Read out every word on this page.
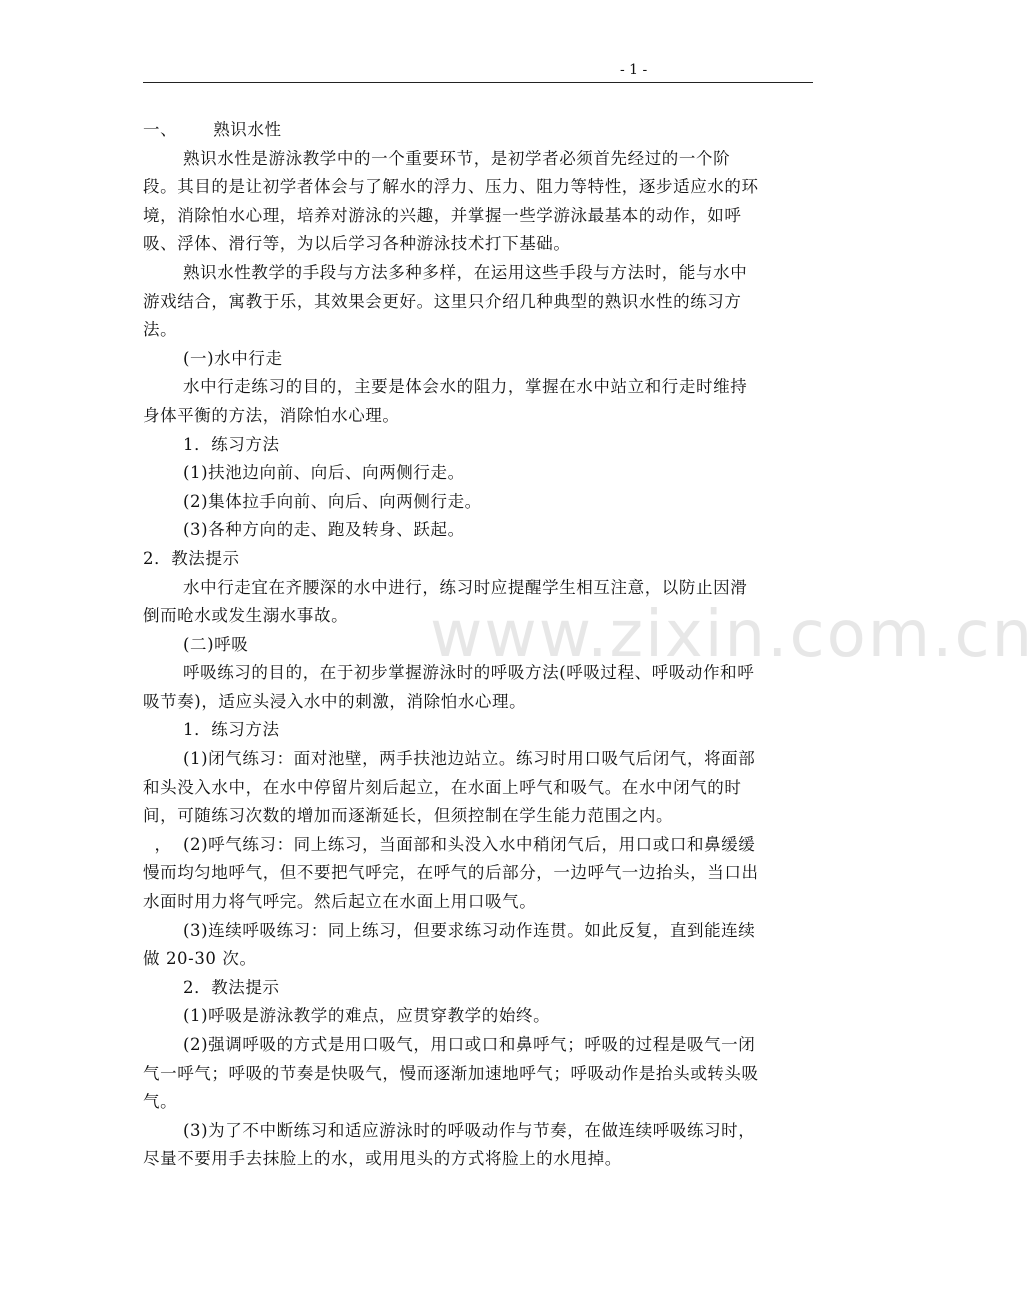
- 1 -
www.zixin.com.cn

一、 熟识水性

熟识水性是游泳教学中的一个重要环节，是初学者必须首先经过的一个阶段。其目的是让初学者体会与了解水的浮力、压力、阻力等特性，逐步适应水的环境，消除怕水心理，培养对游泳的兴趣，并掌握一些学游泳最基本的动作，如呼吸、浮体、滑行等，为以后学习各种游泳技术打下基础。

熟识水性教学的手段与方法多种多样，在运用这些手段与方法时，能与水中游戏结合，寓教于乐，其效果会更好。这里只介绍几种典型的熟识水性的练习方法。

(一)水中行走

水中行走练习的目的，主要是体会水的阻力，掌握在水中站立和行走时维持身体平衡的方法，消除怕水心理。

1．练习方法

(1)扶池边向前、向后、向两侧行走。

(2)集体拉手向前、向后、向两侧行走。

(3)各种方向的走、跑及转身、跃起。

2．教法提示

水中行走宜在齐腰深的水中进行，练习时应提醒学生相互注意，以防止因滑倒而呛水或发生溺水事故。

(二)呼吸

呼吸练习的目的，在于初步掌握游泳时的呼吸方法(呼吸过程、呼吸动作和呼吸节奏)，适应头浸入水中的刺激，消除怕水心理。

1．练习方法

(1)闭气练习：面对池壁，两手扶池边站立。练习时用口吸气后闭气，将面部和头没入水中，在水中停留片刻后起立，在水面上呼气和吸气。在水中闭气的时间，可随练习次数的增加而逐渐延长，但须控制在学生能力范围之内。

， (2)呼气练习：同上练习，当面部和头没入水中稍闭气后，用口或口和鼻缓缓慢而均匀地呼气，但不要把气呼完，在呼气的后部分，一边呼气一边抬头，当口出水面时用力将气呼完。然后起立在水面上用口吸气。

(3)连续呼吸练习：同上练习，但要求练习动作连贯。如此反复，直到能连续做 20-30 次。

2．教法提示

(1)呼吸是游泳教学的难点，应贯穿教学的始终。

(2)强调呼吸的方式是用口吸气，用口或口和鼻呼气；呼吸的过程是吸气一闭气一呼气；呼吸的节奏是快吸气，慢而逐渐加速地呼气；呼吸动作是抬头或转头吸气。

(3)为了不中断练习和适应游泳时的呼吸动作与节奏，在做连续呼吸练习时，尽量不要用手去抹脸上的水，或用甩头的方式将脸上的水甩掉。
